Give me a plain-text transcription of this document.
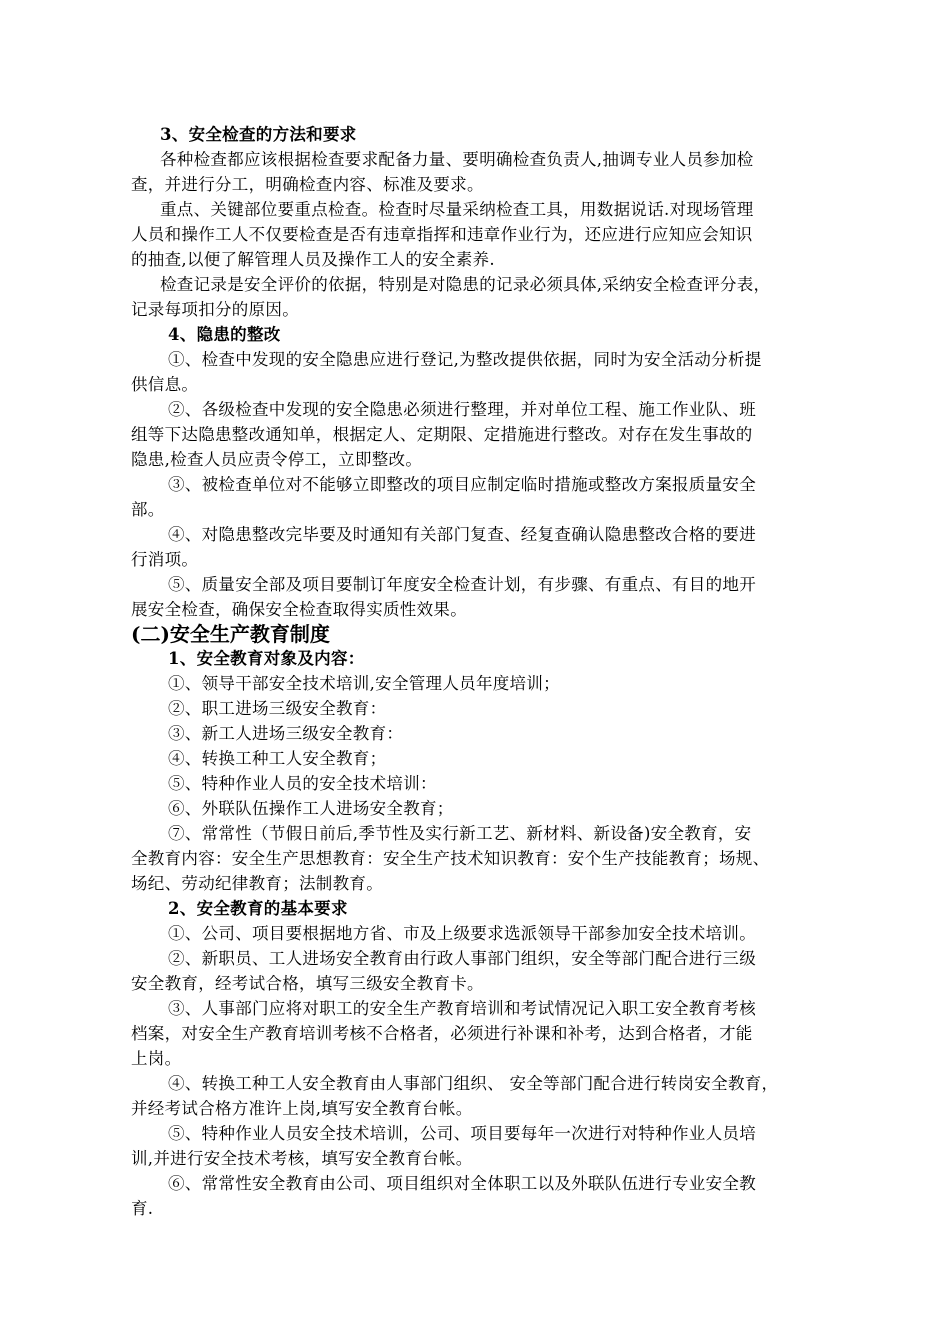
3、安全检查的方法和要求
各种检查都应该根据检查要求配备力量、要明确检查负责人,抽调专业人员参加检
查，并进行分工，明确检查内容、标准及要求。
重点、关键部位要重点检查。检查时尽量采纳检查工具，用数据说话.对现场管理
人员和操作工人不仅要检查是否有违章指挥和违章作业行为，还应进行应知应会知识
的抽查,以便了解管理人员及操作工人的安全素养.
检查记录是安全评价的依据，特别是对隐患的记录必须具体,采纳安全检查评分表，
记录每项扣分的原因。
4、隐患的整改
①、检查中发现的安全隐患应进行登记,为整改提供依据，同时为安全活动分析提
供信息。
②、各级检查中发现的安全隐患必须进行整理，并对单位工程、施工作业队、班
组等下达隐患整改通知单，根据定人、定期限、定措施进行整改。对存在发生事故的
隐患,检查人员应责令停工，立即整改。
③、被检查单位对不能够立即整改的项目应制定临时措施或整改方案报质量安全
部。
④、对隐患整改完毕要及时通知有关部门复查、经复查确认隐患整改合格的要进
行消项。
⑤、质量安全部及项目要制订年度安全检查计划，有步骤、有重点、有目的地开
展安全检查，确保安全检查取得实质性效果。
(二)安全生产教育制度
1、安全教育对象及内容：
①、领导干部安全技术培训,安全管理人员年度培训；
②、职工进场三级安全教育：
③、新工人进场三级安全教育：
④、转换工种工人安全教育；
⑤、特种作业人员的安全技术培训：
⑥、外联队伍操作工人进场安全教育；
⑦、常常性（节假日前后,季节性及实行新工艺、新材料、新设备)安全教育，安
全教育内容：安全生产思想教育：安全生产技术知识教育：安个生产技能教育；场规、
场纪、劳动纪律教育；法制教育。
2、安全教育的基本要求
①、公司、项目要根据地方省、市及上级要求选派领导干部参加安全技术培训。
②、新职员、工人进场安全教育由行政人事部门组织，安全等部门配合进行三级
安全教育，经考试合格，填写三级安全教育卡。
③、人事部门应将对职工的安全生产教育培训和考试情况记入职工安全教育考核
档案，对安全生产教育培训考核不合格者，必须进行补课和补考，达到合格者，才能
上岗。
④、转换工种工人安全教育由人事部门组织、 安全等部门配合进行转岗安全教育，
并经考试合格方准许上岗,填写安全教育台帐。
⑤、特种作业人员安全技术培训，公司、项目要每年一次进行对特种作业人员培
训,并进行安全技术考核，填写安全教育台帐。
⑥、常常性安全教育由公司、项目组织对全体职工以及外联队伍进行专业安全教
育.
